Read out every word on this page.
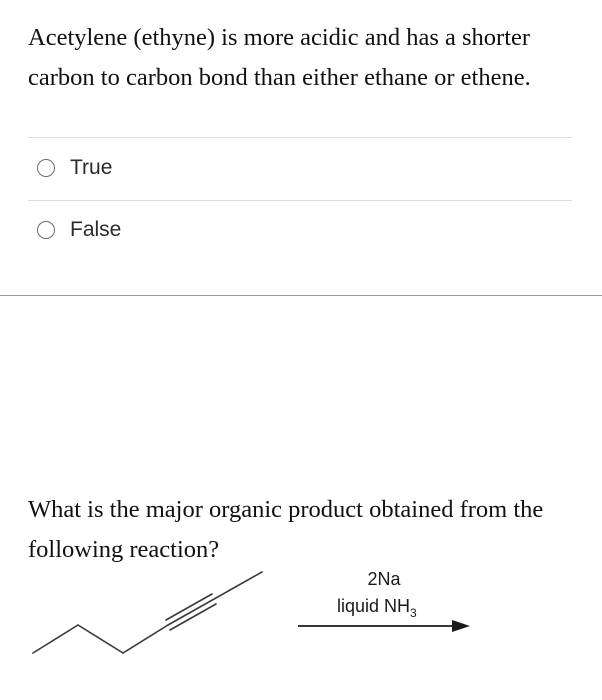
Acetylene (ethyne) is more acidic and has a shorter
carbon to carbon bond than either ethane or ethene.
True
False
What is the major organic product obtained from the
following reaction?
2Na
liquid $NH_3$
